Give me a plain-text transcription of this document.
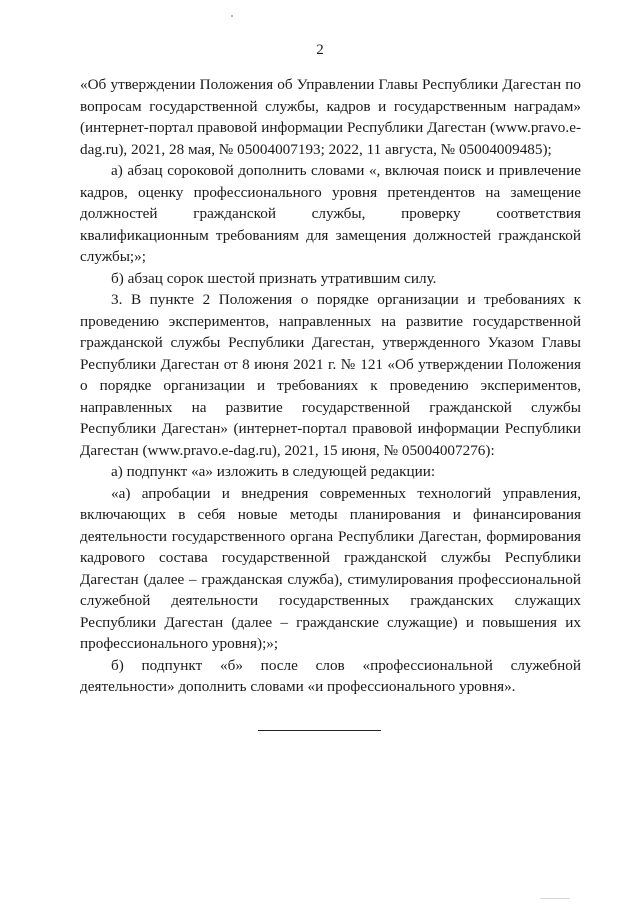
2

«Об утверждении Положения об Управлении Главы Республики Дагестан по вопросам государственной службы, кадров и государственным наградам» (интернет-портал правовой информации Республики Дагестан (www.pravo.e-dag.ru), 2021, 28 мая, № 05004007193; 2022, 11 августа, № 05004009485);

а) абзац сороковой дополнить словами «, включая поиск и привлечение кадров, оценку профессионального уровня претендентов на замещение должностей гражданской службы, проверку соответствия квалификационным требованиям для замещения должностей гражданской службы;»;

б) абзац сорок шестой признать утратившим силу.

3. В пункте 2 Положения о порядке организации и требованиях к проведению экспериментов, направленных на развитие государственной гражданской службы Республики Дагестан, утвержденного Указом Главы Республики Дагестан от 8 июня 2021 г. № 121 «Об утверждении Положения о порядке организации и требованиях к проведению экспериментов, направленных на развитие государственной гражданской службы Республики Дагестан» (интернет-портал правовой информации Республики Дагестан (www.pravo.e-dag.ru), 2021, 15 июня, № 05004007276):

а) подпункт «а» изложить в следующей редакции:

«а) апробации и внедрения современных технологий управления, включающих в себя новые методы планирования и финансирования деятельности государственного органа Республики Дагестан, формирования кадрового состава государственной гражданской службы Республики Дагестан (далее – гражданская служба), стимулирования профессиональной служебной деятельности государственных гражданских служащих Республики Дагестан (далее – гражданские служащие) и повышения их профессионального уровня);»;

б) подпункт «б» после слов «профессиональной служебной деятельности» дополнить словами «и профессионального уровня».
